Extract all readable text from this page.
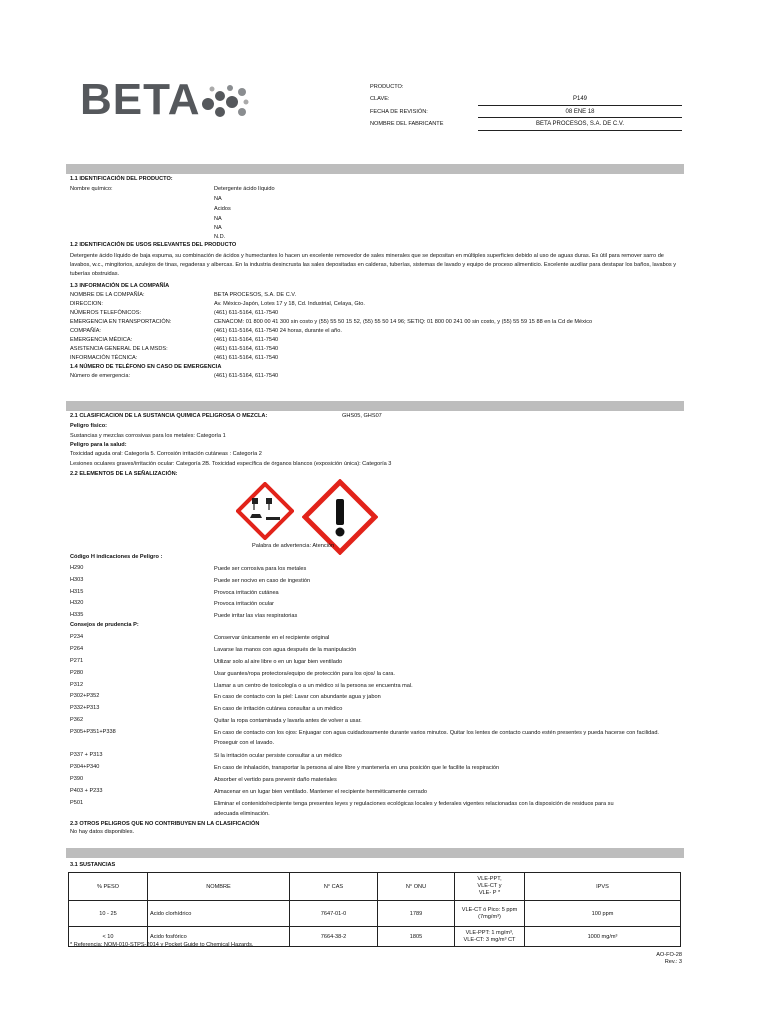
BETA	PRODUCTO:
CLAVE:	P149
FECHA DE REVISIÓN:	08 ENE 18
NOMBRE DEL FABRICANTE	BETA PROCESOS, S.A. DE C.V.
1.1 IDENTIFICACIÓN DEL PRODUCTO:
Nombre químico:	Detergente ácido líquido
NA
Acidos
NA
NA
N.D.
1.2 IDENTIFICACIÓN DE USOS RELEVANTES DEL PRODUCTO
Detergente ácido líquido de baja espuma, su combinación de ácidos y humectantes lo hacen un excelente removedor de sales minerales que se depositan en múltiples superficies debido al uso de aguas duras. Es útil para remover sarro de lavabos, w.c., mingitorios, azulejos de tinas, regaderas y albercas. En la industria desincrusta las sales depositadas en calderas, tuberías, sistemas de lavado y equipo de proceso alimenticio. Excelente auxiliar para destapar los baños, lavabos y tuberías obstruidas.
1.3 INFORMACIÓN DE LA COMPAÑÍA
NOMBRE DE LA COMPAÑÍA:	BETA PROCESOS, S.A. DE C.V.
DIRECCION:	Av. México-Japón, Lotes 17 y 18, Cd. Industrial, Celaya, Gto.
NÚMEROS TELEFÓNICOS:	(461) 611-5164, 611-7540
EMERGENCIA EN TRANSPORTACIÓN:	CENACOM: 01 800 00 41 300 sin costo y (55) 55 50 15 52, (55) 55 50 14 96; SETIQ: 01 800 00 241 00 sin costo, y (55) 55 59 15 88 en la Cd de México
COMPAÑÍA:	(461) 611-5164, 611-7540 24 horas, durante el año.
EMERGENCIA MÉDICA:	(461) 611-5164, 611-7540
ASISTENCIA GENERAL DE LA MSDS:	(461) 611-5164, 611-7540
INFORMACIÓN TÉCNICA:	(461) 611-5164, 611-7540
1.4 NÚMERO DE TELÉFONO EN CASO DE EMERGENCIA
Número de emergencia:	(461) 611-5164, 611-7540
2.1 CLASIFICACION DE LA SUSTANCIA QUIMICA PELIGROSA O MEZCLA:	GHS05, GHS07
Peligro físico:
Sustancias y mezclas corrosivas para los metales: Categoría 1
Peligro para la salud:
Toxicidad aguda oral: Categoría 5. Corrosión irritación cutáneas : Categoría 2
Lesiones oculares graves/irritación ocular: Categoría 2B. Toxicidad específica de órganos blancos (exposición única): Categoría 3
2.2 ELEMENTOS DE LA SEÑALIZACIÓN:
Palabra de advertencia: Atención
Código H indicaciones de Peligro :
H290	Puede ser corrosiva para los metales
H303	Puede ser nocivo en caso de ingestión
H315	Provoca irritación cutánea
H320	Provoca irritación ocular
H335	Puede irritar las vías respiratorias
Consejos de prudencia P:
P234	Conservar únicamente en el recipiente original
P264	Lavarse las manos con agua después de la manipulación
P271	Utilizar solo al aire libre o en un lugar bien ventilado
P280	Usar guantes/ropa protectora/equipo de protección para los ojos/ la cara.
P312	Llamar a un centro de toxicología o a un médico si la persona se encuentra mal.
P302+P352	En caso de contacto con la piel: Lavar con abundante agua y jabon
P332+P313	En caso de irritación cutánea consultar a un médico
P362	Quitar la ropa contaminada y lavarla antes de volver a usar.
P305+P351+P338	En caso de contacto con los ojos: Enjuagar con agua cuidadosamente durante varios minutos. Quitar los lentes de contacto cuando estén presentes y pueda hacerse con facilidad. Proseguir con el lavado.
P337 + P313	Si la irritación ocular persiste consultar a un médico
P304+P340	En caso de inhalación, transportar la persona al aire libre y mantenerla en una posición que le facilite la respiración
P390	Absorber el vertido para prevenir daño materiales
P403 + P233	Almacenar en un lugar bien ventilado. Mantener el recipiente herméticamente cerrado
P501	Eliminar el contenido/recipiente tenga presentes leyes y regulaciones ecológicas locales y federales vigentes relacionadas con la disposición de residuos para su adecuada eliminación.
2.3 OTROS PELIGROS QUE NO CONTRIBUYEN EN LA CLASIFICACIÓN
No hay datos disponibles.
3.1 SUSTANCIAS
% PESO	NOMBRE	N° CAS	N° ONU	VLE-PPT,
VLE-CT y
VLE- P *	IPVS
10 - 25	Acido clorhídrico	7647-01-0	1789	VLE-CT ó Pico: 5 ppm (7mg/m³)	100 ppm
< 10	Acido fosfórico	7664-38-2	1805	VLE-PPT: 1 mg/m³,
VLE-CT: 3 mg/m³ CT	1000 mg/m³
* Referencia: NOM-010-STPS-2014 y Pocket Guide to Chemical Hazards.
AO-FO-28
Rev.: 3
